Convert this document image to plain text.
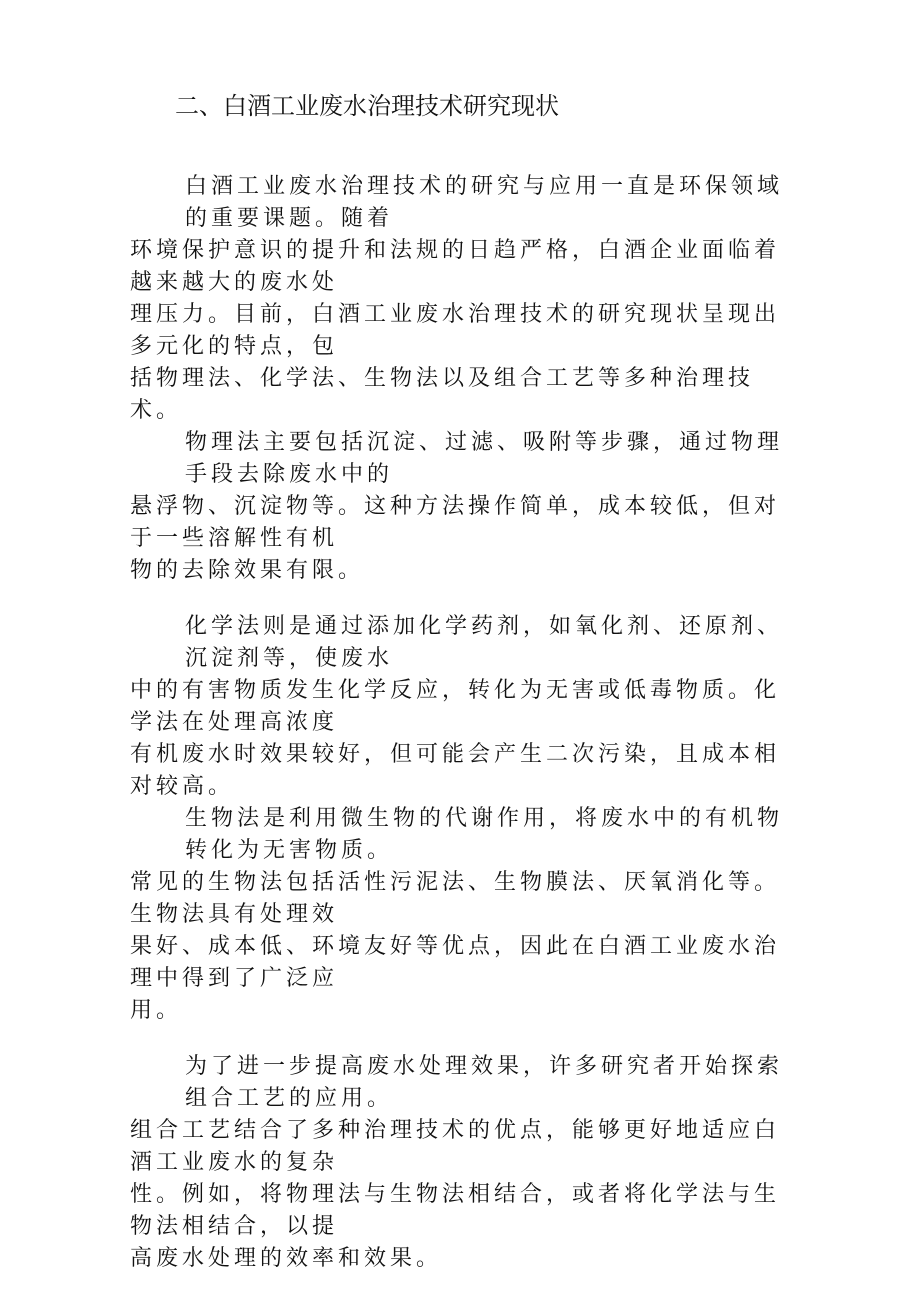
二、白酒工业废水治理技术研究现状
白酒工业废水治理技术的研究与应用一直是环保领域的重要课题。随着
环境保护意识的提升和法规的日趋严格，白酒企业面临着越来越大的废水处
理压力。目前，白酒工业废水治理技术的研究现状呈现出多元化的特点，包
括物理法、化学法、生物法以及组合工艺等多种治理技术。
物理法主要包括沉淀、过滤、吸附等步骤，通过物理手段去除废水中的
悬浮物、沉淀物等。这种方法操作简单，成本较低，但对于一些溶解性有机
物的去除效果有限。
化学法则是通过添加化学药剂，如氧化剂、还原剂、沉淀剂等，使废水
中的有害物质发生化学反应，转化为无害或低毒物质。化学法在处理高浓度
有机废水时效果较好，但可能会产生二次污染，且成本相对较高。
生物法是利用微生物的代谢作用，将废水中的有机物转化为无害物质。
常见的生物法包括活性污泥法、生物膜法、厌氧消化等。生物法具有处理效
果好、成本低、环境友好等优点，因此在白酒工业废水治理中得到了广泛应
用。
为了进一步提高废水处理效果，许多研究者开始探索组合工艺的应用。
组合工艺结合了多种治理技术的优点，能够更好地适应白酒工业废水的复杂
性。例如，将物理法与生物法相结合，或者将化学法与生物法相结合，以提
高废水处理的效率和效果。
